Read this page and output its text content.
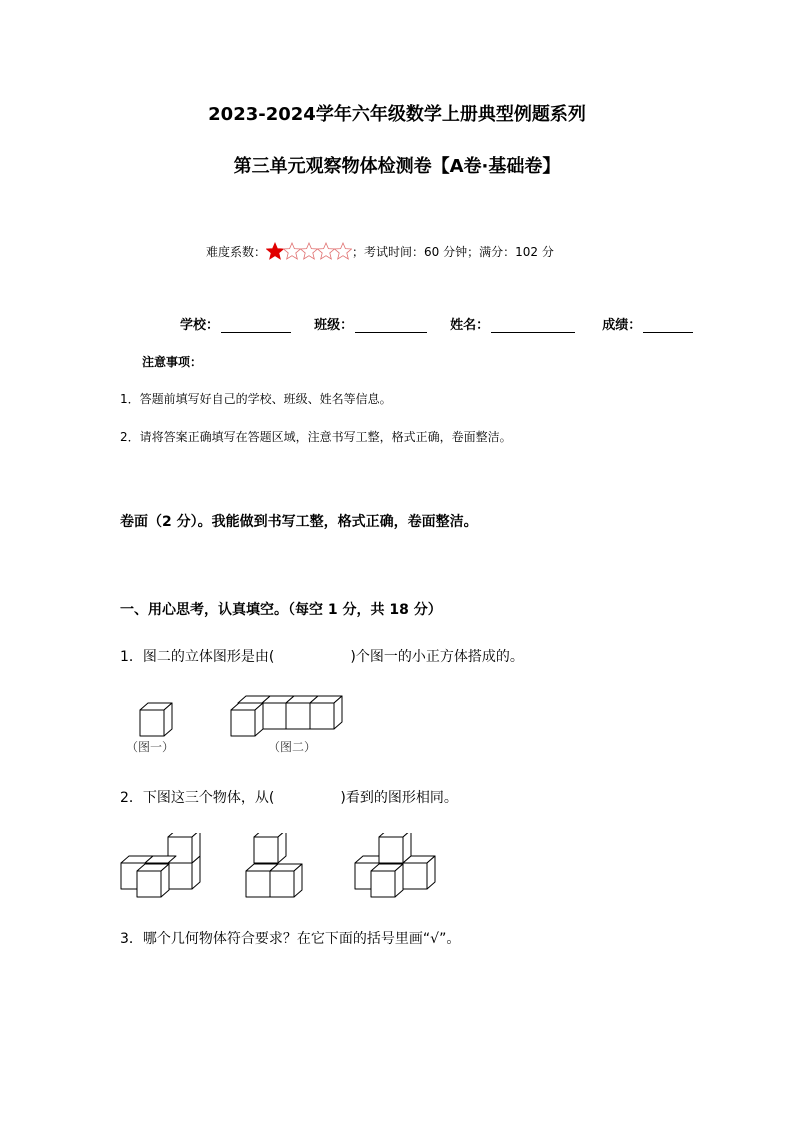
2023-2024学年六年级数学上册典型例题系列
第三单元观察物体检测卷【A卷·基础卷】
难度系数：	；考试时间：60 分钟；满分：102 分
学校：	班级：	姓名：	成绩：
注意事项：
1．答题前填写好自己的学校、班级、姓名等信息。
2．请将答案正确填写在答题区域，注意书写工整，格式正确，卷面整洁。
卷面（2 分）。我能做到书写工整，格式正确，卷面整洁。
一、用心思考，认真填空。（每空 1 分，共 18 分）
1．图二的立体图形是由(	)个图一的小正方体搭成的。
（图一）	（图二）
2．下图这三个物体，从(	)看到的图形相同。
3．哪个几何物体符合要求？在它下面的括号里画“√”。
